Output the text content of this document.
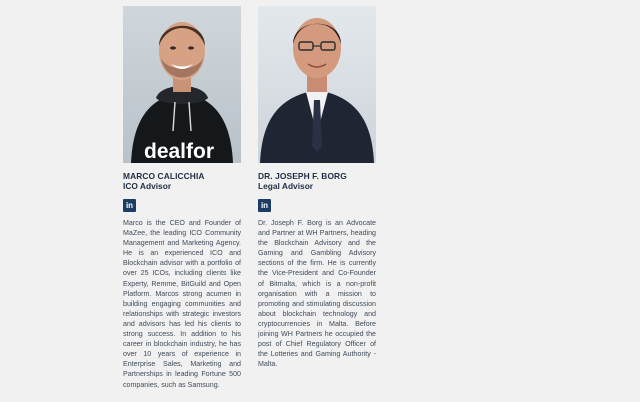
dealfor
MARCO CALICCHIA
ICO Advisor
in
Marco is the CEO and Founder of MaZee, the leading ICO Community Management and Marketing Agency. He is an experienced ICO and Blockchain advisor with a portfolio of over 25 ICOs, including clients like Experty, Remme, BitGuild and Open Platform. Marcos strong acumen in building engaging communities and relationships with strategic investors and advisors has led his clients to strong success. In addition to his career in blockchain industry, he has over 10 years of experience in Enterprise Sales, Marketing and Partnerships in leading Fortune 500 companies, such as Samsung.
DR. JOSEPH F. BORG
Legal Advisor
in
Dr. Joseph F. Borg is an Advocate and Partner at WH Partners, heading the Blockchain Advisory and the Gaming and Gambling Advisory sections of the firm. He is currently the Vice-President and Co-Founder of Bitmalta, which is a non-profit organisation with a mission to promoting and stimulating discussion about blockchain technology and cryptocurrencies in Malta. Before joining WH Partners he occupied the post of Chief Regulatory Officer of the Lotteries and Gaming Authority - Malta.
